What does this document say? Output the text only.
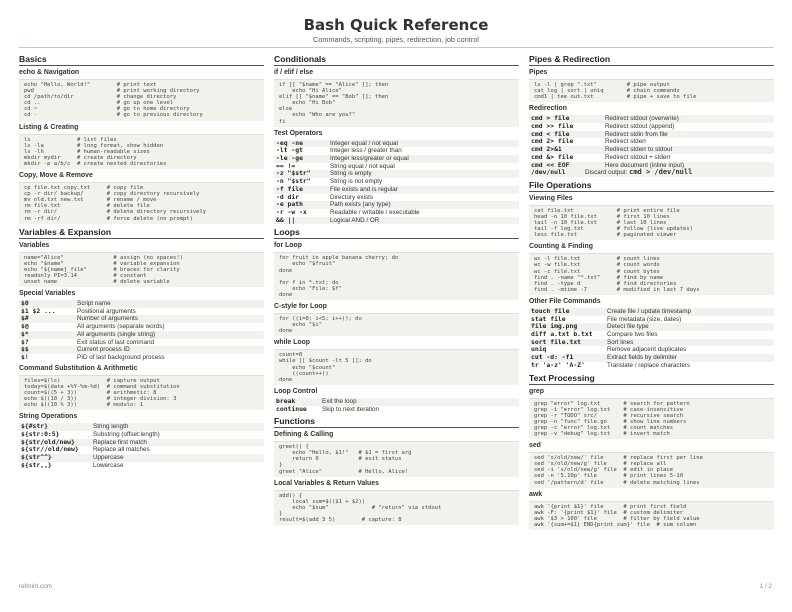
Bash Quick Reference
Commands, scripting, pipes, redirection, job control
Basics
echo & Navigation
echo "Hello, World!"        # print text
pwd                         # print working directory
cd /path/to/dir             # change directory
cd ..                       # go up one level
cd ~                        # go to home directory
cd -                        # go to previous directory
Listing & Creating
ls              # list files
ls -la          # long format, show hidden
ls -lh          # human-readable sizes
mkdir mydir     # create directory
mkdir -p a/b/c  # create nested directories
Copy, Move & Remove
cp file.txt copy.txt     # copy file
cp -r dir/ backup/       # copy directory recursively
mv old.txt new.txt       # rename / move
rm file.txt              # delete file
rm -r dir/               # delete directory recursively
rm -rf dir/              # force delete (no prompt)
Variables & Expansion
Variables
name="Alice"               # assign (no spaces!)
echo "$name"               # variable expansion
echo "${name}_file"        # braces for clarity
readonly PI=3.14           # constant
unset name                 # delete variable
Special Variables
$0	Script name
$1 $2 ...	Positional arguments
$#	Number of arguments
$@	All arguments (separate words)
$*	All arguments (single string)
$?	Exit status of last command
$$	Current process ID
$!	PID of last background process
Command Substitution & Arithmetic
files=$(ls)              # capture output
today=$(date +%Y-%m-%d)  # command substitution
count=$((5 + 3))         # arithmetic: 8
echo $((10 / 3))         # integer division: 3
echo $((10 % 3))         # modulo: 1
String Operations
${#str}	String length
${str:0:5}	Substring (offset:length)
${str/old/new}	Replace first match
${str//old/new}	Replace all matches
${str^^}	Uppercase
${str,,}	Lowercase
Conditionals
if / elif / else
if [[ "$name" == "Alice" ]]; then
echo "Hi Alice"
elif [[ "$name" == "Bob" ]]; then
echo "Hi Bob"
else
echo "Who are you?"
fi
Test Operators
-eq -ne	Integer equal / not equal
-lt -gt	Integer less / greater than
-le -ge	Integer less/greater or equal
== !=	String equal / not equal
-z "$str"	String is empty
-n "$str"	String is not empty
-f file	File exists and is regular
-d dir	Directory exists
-e path	Path exists (any type)
-r -w -x	Readable / writable / executable
&& ||	Logical AND / OR
Loops
for Loop
for fruit in apple banana cherry; do
echo "$fruit"
done

for f in *.txt; do
echo "File: $f"
done
C-style for Loop
for ((i=0; i<5; i++)); do
echo "$i"
done
while Loop
count=0
while [[ $count -lt 5 ]]; do
echo "$count"
((count++))
done
Loop Control
break	Exit the loop
continue	Skip to next iteration
Functions
Defining & Calling
greet() {
echo "Hello, $1!"   # $1 = first arg
return 0            # exit status
}
greet "Alice"           # Hello, Alice!
Local Variables & Return Values
add() {
local sum=$(($1 + $2))
echo "$sum"             # "return" via stdout
}
result=$(add 3 5)        # capture: 8
Pipes & Redirection
Pipes
ls -l | grep ".txt"         # pipe output
cat log | sort | uniq       # chain commands
cmd1 | tee out.txt          # pipe + save to file
Redirection
cmd > file	Redirect stdout (overwrite)
cmd >> file	Redirect stdout (append)
cmd < file	Redirect stdin from file
cmd 2> file	Redirect stderr
cmd 2>&1	Redirect stderr to stdout
cmd &> file	Redirect stdout + stderr
cmd << EOF	Here document (inline input)
/dev/null	Discard output: cmd > /dev/null
File Operations
Viewing Files
cat file.txt             # print entire file
head -n 10 file.txt      # first 10 lines
tail -n 10 file.txt      # last 10 lines
tail -f log.txt          # follow (live updates)
less file.txt            # paginated viewer
Counting & Finding
wc -l file.txt           # count lines
wc -w file.txt           # count words
wc -c file.txt           # count bytes
find . -name "*.txt"     # find by name
find . -type d           # find directories
find . -mtime -7         # modified in last 7 days
Other File Commands
touch file	Create file / update timestamp
stat file	File metadata (size, dates)
file img.png	Detect file type
diff a.txt b.txt	Compare two files
sort file.txt	Sort lines
uniq	Remove adjacent duplicates
cut -d: -f1	Extract fields by delimiter
tr 'a-z' 'A-Z'	Translate / replace characters
Text Processing
grep
grep "error" log.txt       # search for pattern
grep -i "error" log.txt    # case-insensitive
grep -r "TODO" src/        # recursive search
grep -n "func" file.go     # show line numbers
grep -c "error" log.txt    # count matches
grep -v "debug" log.txt    # invert match
sed
sed 's/old/new/' file      # replace first per line
sed 's/old/new/g' file     # replace all
sed -i 's/old/new/g' file  # edit in place
sed -n '5,10p' file        # print lines 5-10
sed '/pattern/d' file      # delete matching lines
awk
awk '{print $1}' file      # print first field
awk -F: '{print $1}' file  # custom delimiter
awk '$3 > 100' file        # filter by field value
awk '{sum+=$1} END{print sum}' file  # sum column
refmint.com	1 / 2
